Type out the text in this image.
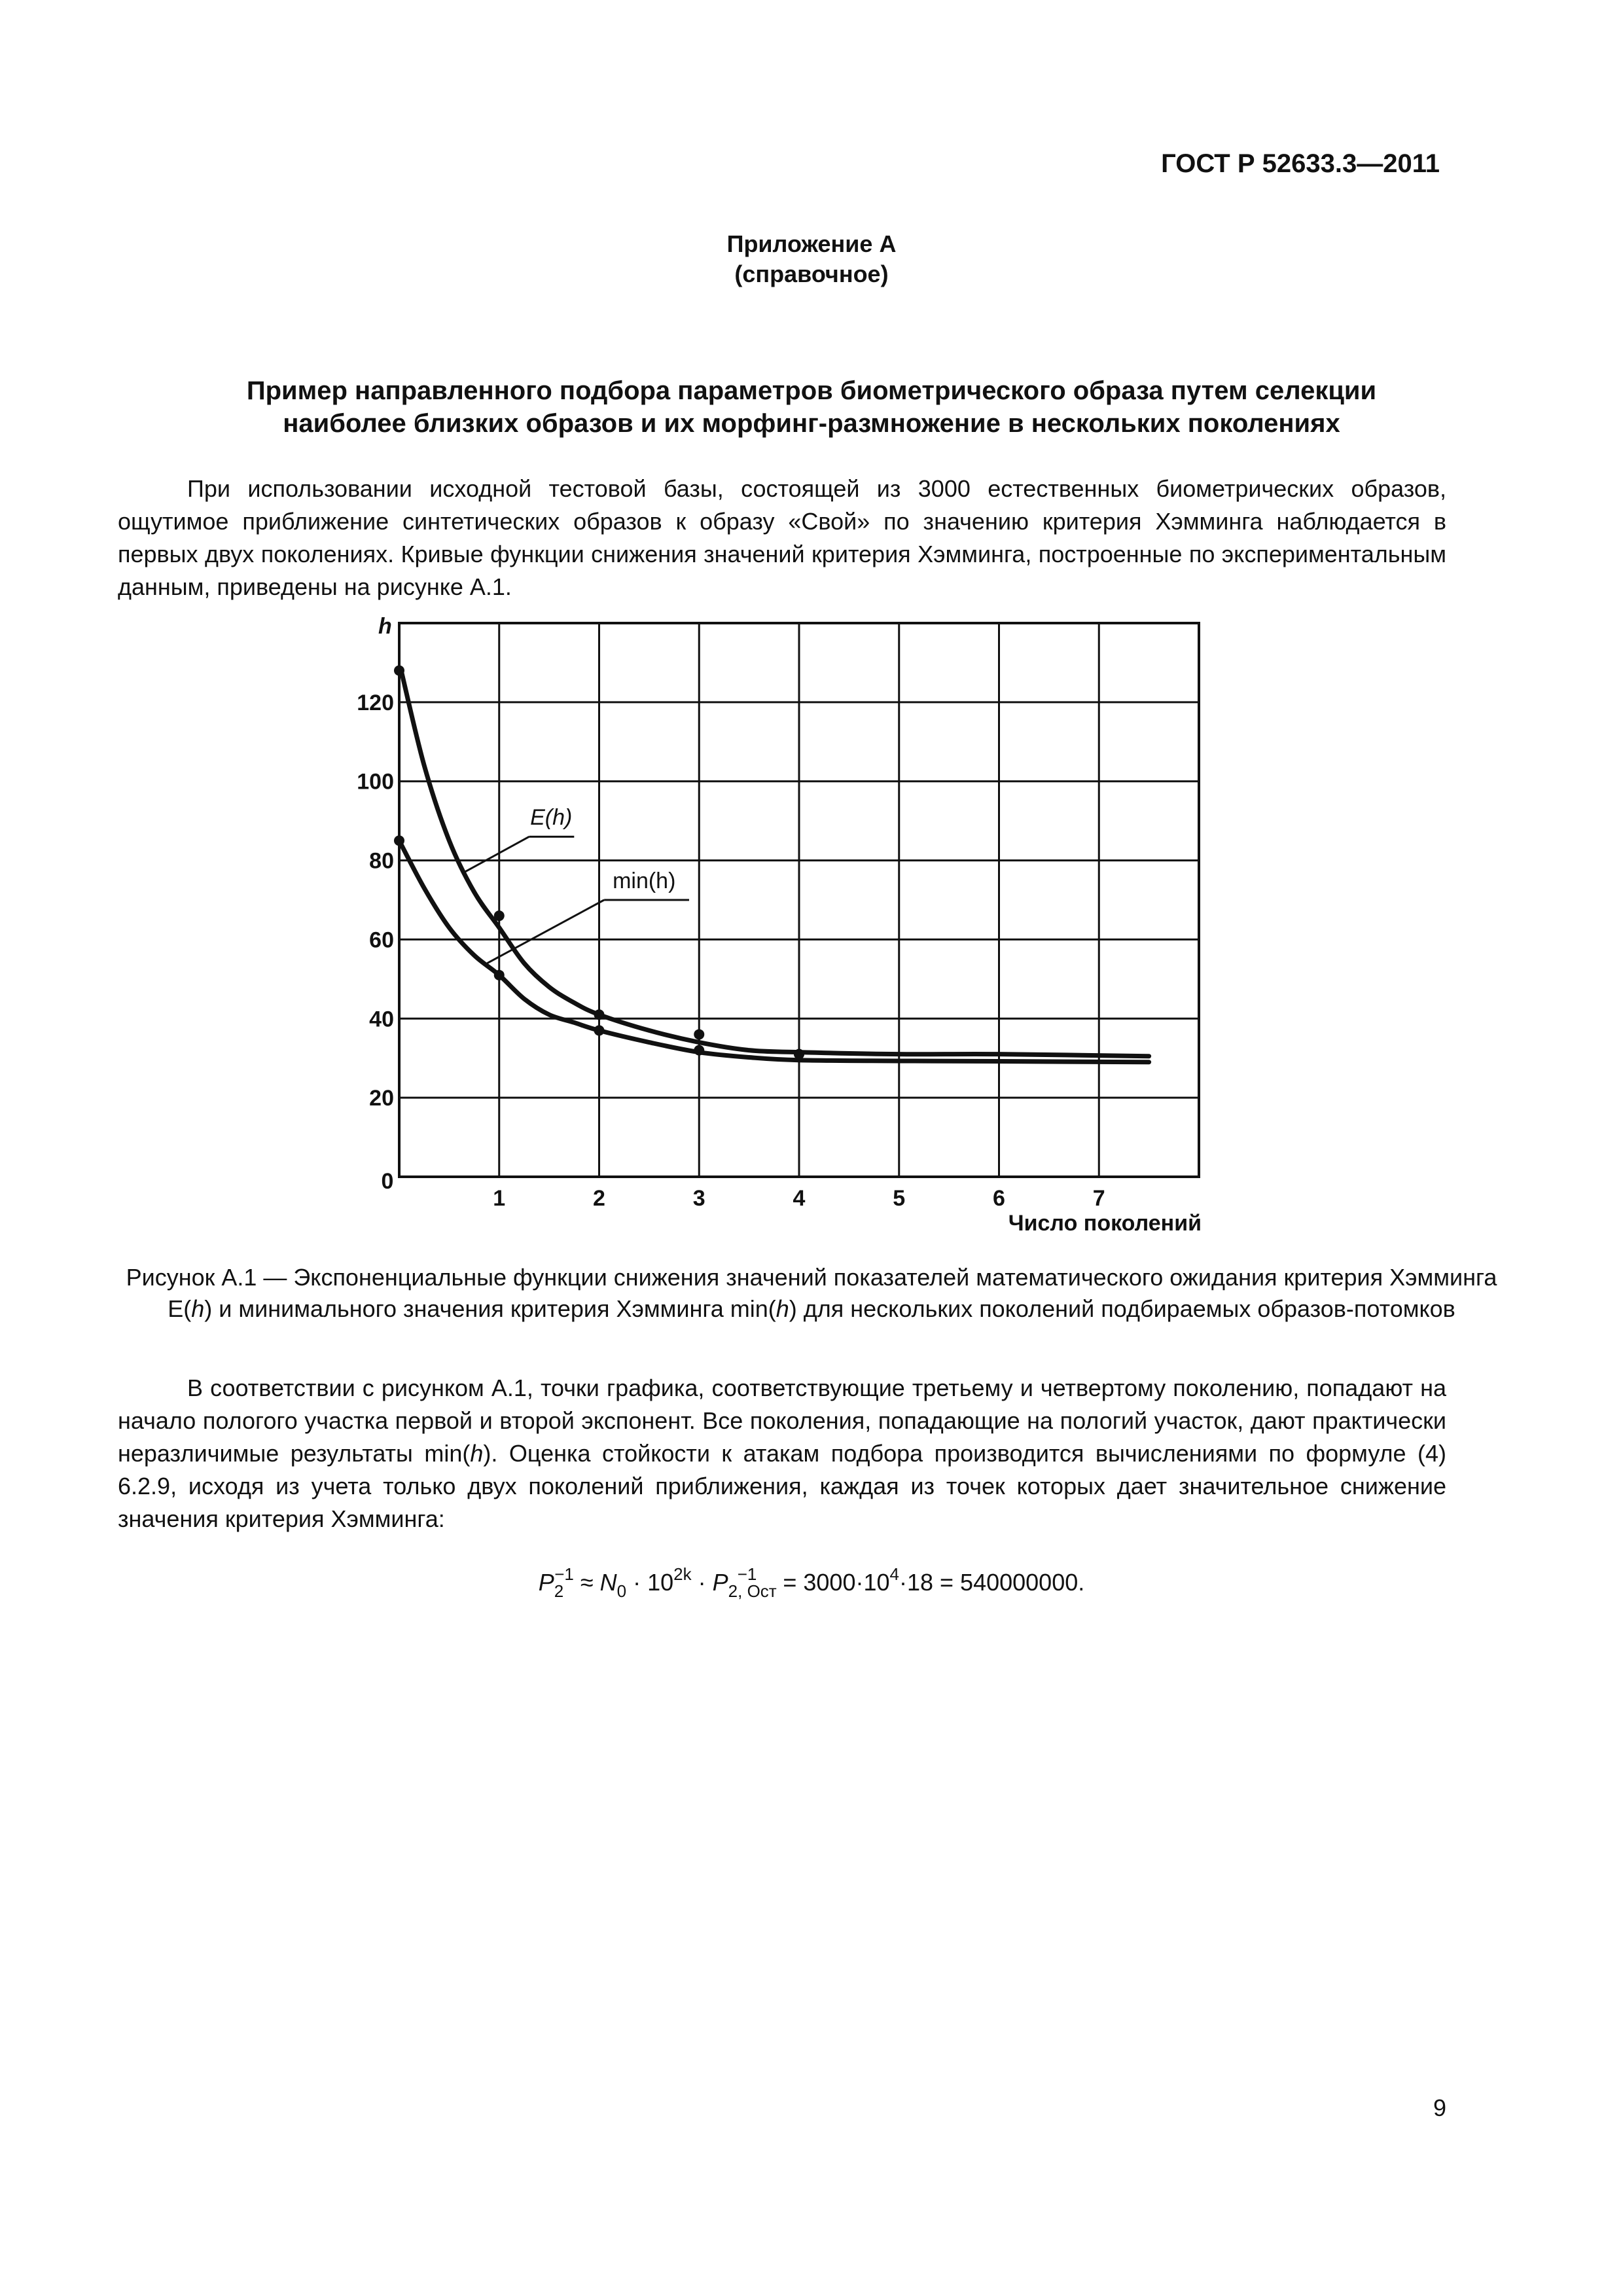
ГОСТ Р 52633.3—2011
Приложение А
(справочное)
Пример направленного подбора параметров биометрического образа путем селекции
наиболее близких образов и их морфинг-размножение в нескольких поколениях
При использовании исходной тестовой базы, состоящей из 3000 естественных биометрических образов, ощутимое приближение синтетических образов к образу «Свой» по значению критерия Хэмминга наблюдается в первых двух поколениях. Кривые функции снижения значений критерия Хэмминга, построенные по экспериментальным данным, приведены на рисунке А.1.
h
Число поколений
0
1	2	3	4	5	6	7
20
40
60
80
100
120
E(h)
min(h)
Рисунок А.1 — Экспоненциальные функции снижения значений показателей математического ожидания критерия Хэмминга E(h) и минимального значения критерия Хэмминга min(h) для нескольких поколений подбираемых образов-потомков
В соответствии с рисунком А.1, точки графика, соответствующие третьему и четвертому поколению, попадают на начало пологого участка первой и второй экспонент. Все поколения, попадающие на пологий участок, дают практически неразличимые результаты min(h). Оценка стойкости к атакам подбора производится вычислениями по формуле (4) 6.2.9, исходя из учета только двух поколений приближения, каждая из точек которых дает значительное снижение значения критерия Хэмминга:
$P_2^{-1} \approx N_0 \cdot 10^{2k} \cdot P_{2, Ост}^{-1} = 3000\cdot 10^4\cdot 18 = 540000000$.
9
